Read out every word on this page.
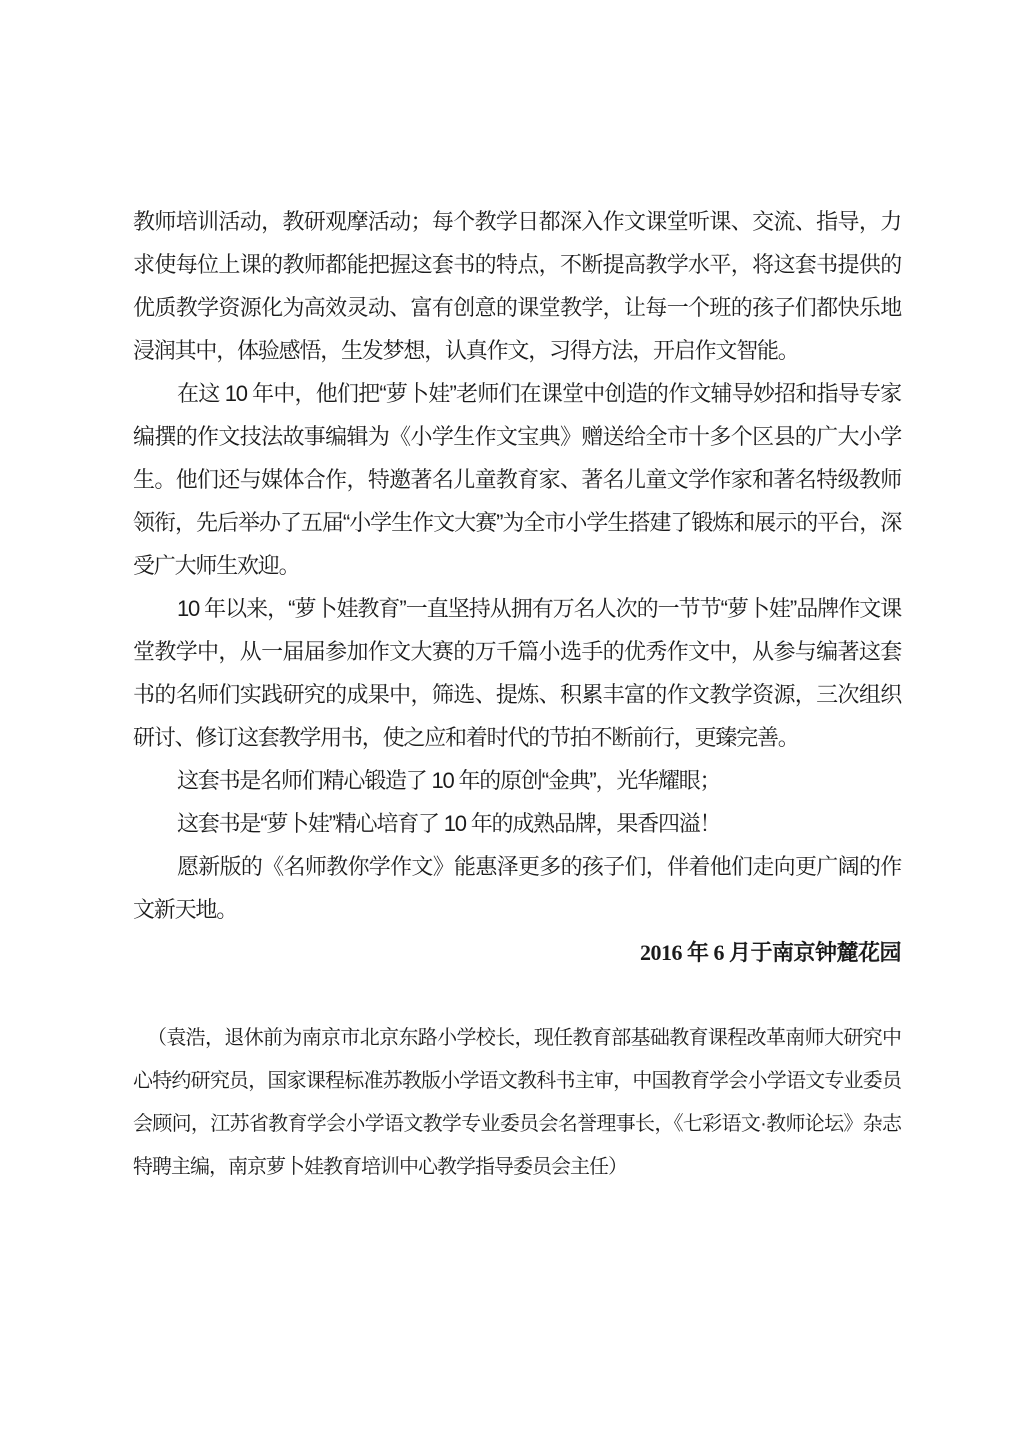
教师培训活动，教研观摩活动；每个教学日都深入作文课堂听课、交流、指导，力求使每位上课的教师都能把握这套书的特点，不断提高教学水平，将这套书提供的优质教学资源化为高效灵动、富有创意的课堂教学，让每一个班的孩子们都快乐地浸润其中，体验感悟，生发梦想，认真作文，习得方法，开启作文智能。

在这 10 年中，他们把“萝卜娃”老师们在课堂中创造的作文辅导妙招和指导专家编撰的作文技法故事编辑为《小学生作文宝典》赠送给全市十多个区县的广大小学生。他们还与媒体合作，特邀著名儿童教育家、著名儿童文学作家和著名特级教师领衔，先后举办了五届“小学生作文大赛”为全市小学生搭建了锻炼和展示的平台，深受广大师生欢迎。

10 年以来，“萝卜娃教育”一直坚持从拥有万名人次的一节节“萝卜娃”品牌作文课堂教学中，从一届届参加作文大赛的万千篇小选手的优秀作文中，从参与编著这套书的名师们实践研究的成果中，筛选、提炼、积累丰富的作文教学资源，三次组织研讨、修订这套教学用书，使之应和着时代的节拍不断前行，更臻完善。

这套书是名师们精心锻造了 10 年的原创“金典”，光华耀眼；

这套书是“萝卜娃”精心培育了 10 年的成熟品牌，果香四溢！

愿新版的《名师教你学作文》能惠泽更多的孩子们，伴着他们走向更广阔的作文新天地。

2016 年 6 月于南京钟麓花园

（袁浩，退休前为南京市北京东路小学校长，现任教育部基础教育课程改革南师大研究中心特约研究员，国家课程标准苏教版小学语文教科书主审，中国教育学会小学语文专业委员会顾问，江苏省教育学会小学语文教学专业委员会名誉理事长，《七彩语文·教师论坛》杂志特聘主编，南京萝卜娃教育培训中心教学指导委员会主任）
